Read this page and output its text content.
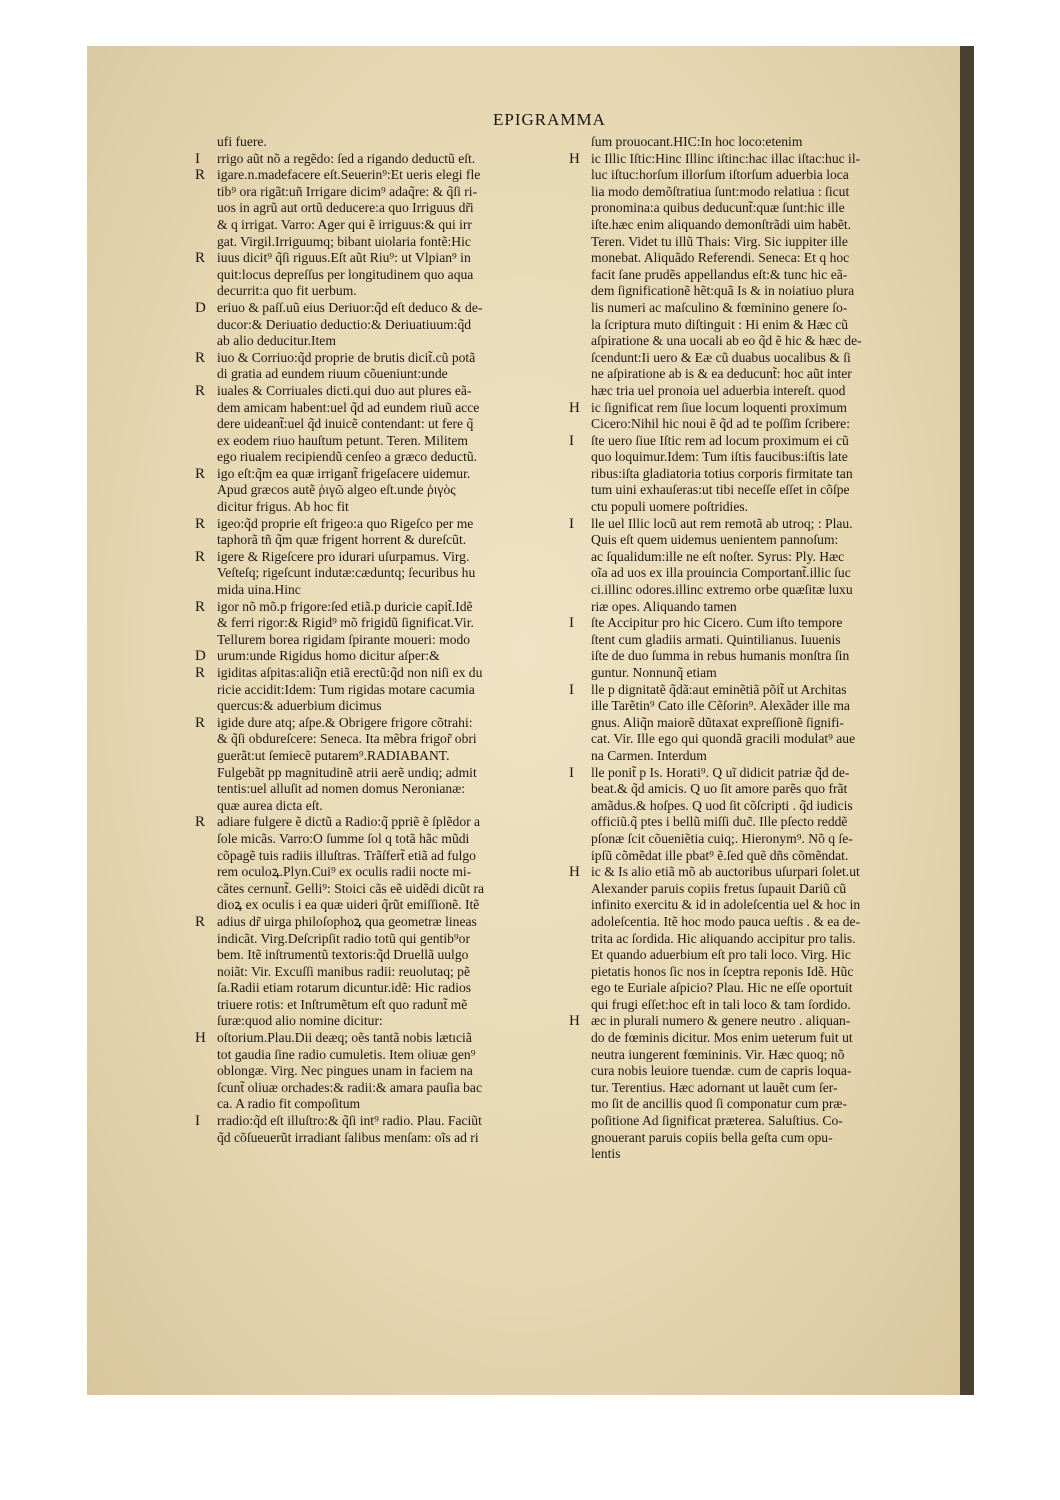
EPIGRAMMA
ufi fuere.
I	rrigo aũt nõ a regẽdo: ſed a rigando deductũ eſt.
R igare.n.madefacere eſt.Seuerin⁹:Et ueris elegi fle
tib⁹ ora rigãt:uñ Irrigare dicim⁹ adaq̃re: & q̃ſi ri-
uos in agrũ aut ortũ deducere:a quo Irriguus dr̃i
& q irrigat. Varro: Ager qui ẽ irriguus:& qui irr
gat. Virgil.Irriguumq; bibant uiolaria fontẽ:Hic
R iuus dicit⁹ q̃ſi riguus.Eſt aũt Riu⁹: ut Vlpian⁹ in
quit:locus depreſſus per longitudinem quo aqua
decurrit:a quo fit uerbum.
D eriuo & paſſ.uũ eius Deriuor:q̃d eſt deduco & de-
ducor:& Deriuatio deductio:& Deriuatiuum:q̃d
ab alio deducitur.Item
R iuo & Corriuo:q̃d proprie de brutis dicit̃.cũ potã
di gratia ad eundem riuum cõueniunt:unde
R iuales & Corriuales dicti.qui duo aut plures eã-
dem amicam habent:uel q̃d ad eundem riuũ acce
dere uideant̃:uel q̃d inuicẽ contendant: ut fere q̃
ex eodem riuo hauſtum petunt. Teren. Militem
ego riualem recipiendũ cenſeo a græco deductũ.
R igo eſt:q̃m ea quæ irrigant̃ frigeſacere uidemur.
Apud græcos autẽ ῥιγῶ algeo eſt.unde ῥιγὸς
dicitur frigus. Ab hoc fit
R igeo:q̃d proprie eſt frigeo:a quo Rigeſco per me
taphorã tñ q̃m quæ frigent horrent & dureſcũt.
R igere & Rigeſcere pro idurari uſurpamus. Virg.
Veſteſq; rigeſcunt indutæ:cæduntq; ſecuribus hu
mida uina.Hinc
R igor nõ mõ.p frigore:ſed etiã.p duricie capit̃.Idẽ
& ferri rigor:& Rigid⁹ mõ frigidũ ſignificat.Vir.
Tellurem borea rigidam ſpirante moueri: modo
D urum:unde Rigidus homo dicitur aſper:&
R igiditas aſpitas:aliq̃n etiã erectũ:q̃d non niſi ex du
ricie accidit:Idem: Tum rigidas motare cacumia
quercus:& aduerbium dicimus
R igide dure atq; aſpe.& Obrigere frigore cõtrahi:
& q̃ſi obdureſcere: Seneca. Ita mẽbra frigor̃ obri
guerãt:ut ſemiecẽ putarem⁹.RADIABANT.
Fulgebãt pp magnitudinẽ atrii aerẽ undiq; admit
tentis:uel alluſit ad nomen domus Neronianæ:
quæ aurea dicta eſt.
R adiare fulgere ẽ dictũ a Radio:q̃ ppriẽ ẽ ſplẽdor a
ſole micãs. Varro:O ſumme ſol q totã hãc mũdi
cõpagẽ tuis radiis illuſtras. Trãſfert̃ etiã ad fulgo
rem oculoꝝ.Plyn.Cui⁹ ex oculis radii nocte mi-
cãtes cernunt̃. Gelli⁹: Stoici cãs eẽ uidẽdi dicũt ra
dioꝝ ex oculis i ea quæ uideri q̃rũt emiſſionẽ. Itẽ
R adius dr̃ uirga philoſophoꝝ qua geometræ lineas
indicãt. Virg.Deſcripſit radio totũ qui gentib⁹or
bem. Itẽ inſtrumentũ textoris:q̃d Druellã uulgo
noiãt: Vir. Excuſſi manibus radii: reuolutaq; pẽ
ſa.Radii etiam rotarum dicuntur.idẽ: Hic radios
triuere rotis: et Inſtrumẽtum eſt quo radunt̃ mẽ
ſuræ:quod alio nomine dicitur:
H oſtorium.Plau.Dii deæq; oẽs tantã nobis lætıciã
tot gaudia ſine radio cumuletis. Item oliuæ gen⁹
oblongæ. Virg. Nec pingues unam in faciem na
ſcunt̃ oliuæ orchades:& radii:& amara pauſia bac
ca. A radio fit compoſitum
I	rradio:q̃d eſt illuſtro:& q̃ſi int⁹ radio. Plau. Faciũt
q̃d cõſueuerũt irradiant ſalibus menſam: oĩs ad ri
ſum prouocant.HIC:In hoc loco:etenim
H ic Illic Iſtic:Hinc Illinc iſtinc:hac illac iſtac:huc il-
luc iſtuc:horſum illorſum iſtorſum aduerbia loca
lia modo demõſtratiua ſunt:modo relatiua : ſicut
pronomina:a quibus deducunt̃:quæ ſunt:hic ille
iſte.hæc enim aliquando demonſtrãdi uim habẽt.
Teren. Videt tu illũ Thais: Virg. Sic iuppiter ille
monebat. Aliquãdo Referendi. Seneca: Et q hoc
facit ſane prudẽs appellandus eſt:& tunc hic eã-
dem ſignificationẽ hẽt:quã Is & in noiatiuo plura
lis numeri ac maſculino & fœminino genere ſo-
la ſcriptura muto diſtinguit : Hi enim & Hæc cũ
aſpiratione & una uocali ab eo q̃d ẽ hic & hæc de-
ſcendunt:Ii uero & Eæ cũ duabus uocalibus & ſi
ne aſpiratione ab is & ea deducunt̃: hoc aũt inter
hæc tria uel pronoia uel aduerbia intereſt. quod
H ic ſignificat rem ſiue locum loquenti proximum
Cicero:Nihil hic noui ẽ q̃d ad te poſſim ſcribere:
I	ſte uero ſiue Iſtic rem ad locum proximum ei cũ
quo loquimur.Idem: Tum iſtis faucibus:iſtis late
ribus:iſta gladiatoria totius corporis firmitate tan
tum uini exhauſeras:ut tibi neceſſe eſſet in cõſpe
ctu populi uomere poſtridies.
I	lle uel Illic locũ aut rem remotã ab utroq; : Plau.
Quis eſt quem uidemus uenientem pannoſum:
ac ſqualidum:ille ne eſt noſter. Syrus: Ply. Hæc
oĩa ad uos ex illa prouincia Comportant̃.illic ſuc
ci.illinc odores.illinc extremo orbe quæſitæ luxu
riæ opes. Aliquando tamen
I	ſte Accipitur pro hic Cicero. Cum iſto tempore
ſtent cum gladiis armati. Quintilianus. Iuuenis
iſte de duo ſumma in rebus humanis monſtra ſin
guntur. Nonnunq̃ etiam
I	lle p dignitatẽ q̃dã:aut eminẽtiã põit̃ ut Architas
ille Tarẽtin⁹ Cato ille Cẽſorin⁹. Alexãder ille ma
gnus. Aliq̃n maiorẽ dũtaxat expreſſionẽ ſignifi-
cat. Vir. Ille ego qui quondã gracili modulat⁹ aue
na Carmen. Interdum
I	lle ponit̃ p Is. Horati⁹. Q uĩ didicit patriæ q̃d de-
beat.& q̃d amicis. Q uo ſit amore parẽs quo frãt
amãdus.& hoſpes. Q uod ſit cõſcripti . q̃d iudicis
officiũ.q̃ ptes i bellũ miſſi duc̃. Ille pſecto reddẽ
pſonæ ſcit cõueniẽtia cuiq;. Hieronym⁹. Nõ q ſe-
ipſũ cõmẽdat ille pbat⁹ ẽ.ſed quẽ dñs cõmẽndat.
H ic & Is alio etiã mõ ab auctoribus uſurpari ſolet.ut
Alexander paruis copiis fretus ſupauit Dariũ cũ
infinito exercitu & id in adoleſcentia uel & hoc in
adoleſcentia. Itẽ hoc modo pauca ueſtis . & ea de-
trita ac ſordida. Hic aliquando accipitur pro talis.
Et quando aduerbium eſt pro tali loco. Virg. Hic
pietatis honos ſic nos in ſceptra reponis Idẽ. Hũc
ego te Euriale aſpicio? Plau. Hic ne eſſe oportuit
qui frugi eſſet:hoc eſt in tali loco & tam ſordido.
H æc in plurali numero & genere neutro . aliquan-
do de fœminis dicitur. Mos enim ueterum fuit ut
neutra iungerent fœmininis. Vir. Hæc quoq; nõ
cura nobis leuiore tuendæ. cum de capris loqua-
tur. Terentius. Hæc adornant ut lauẽt cum ſer-
mo ſit de ancillis quod ſi componatur cum præ-
poſitione Ad ſignificat præterea. Saluſtius. Co-
gnouerant paruis copiis bella geſta cum opu-
lentis
